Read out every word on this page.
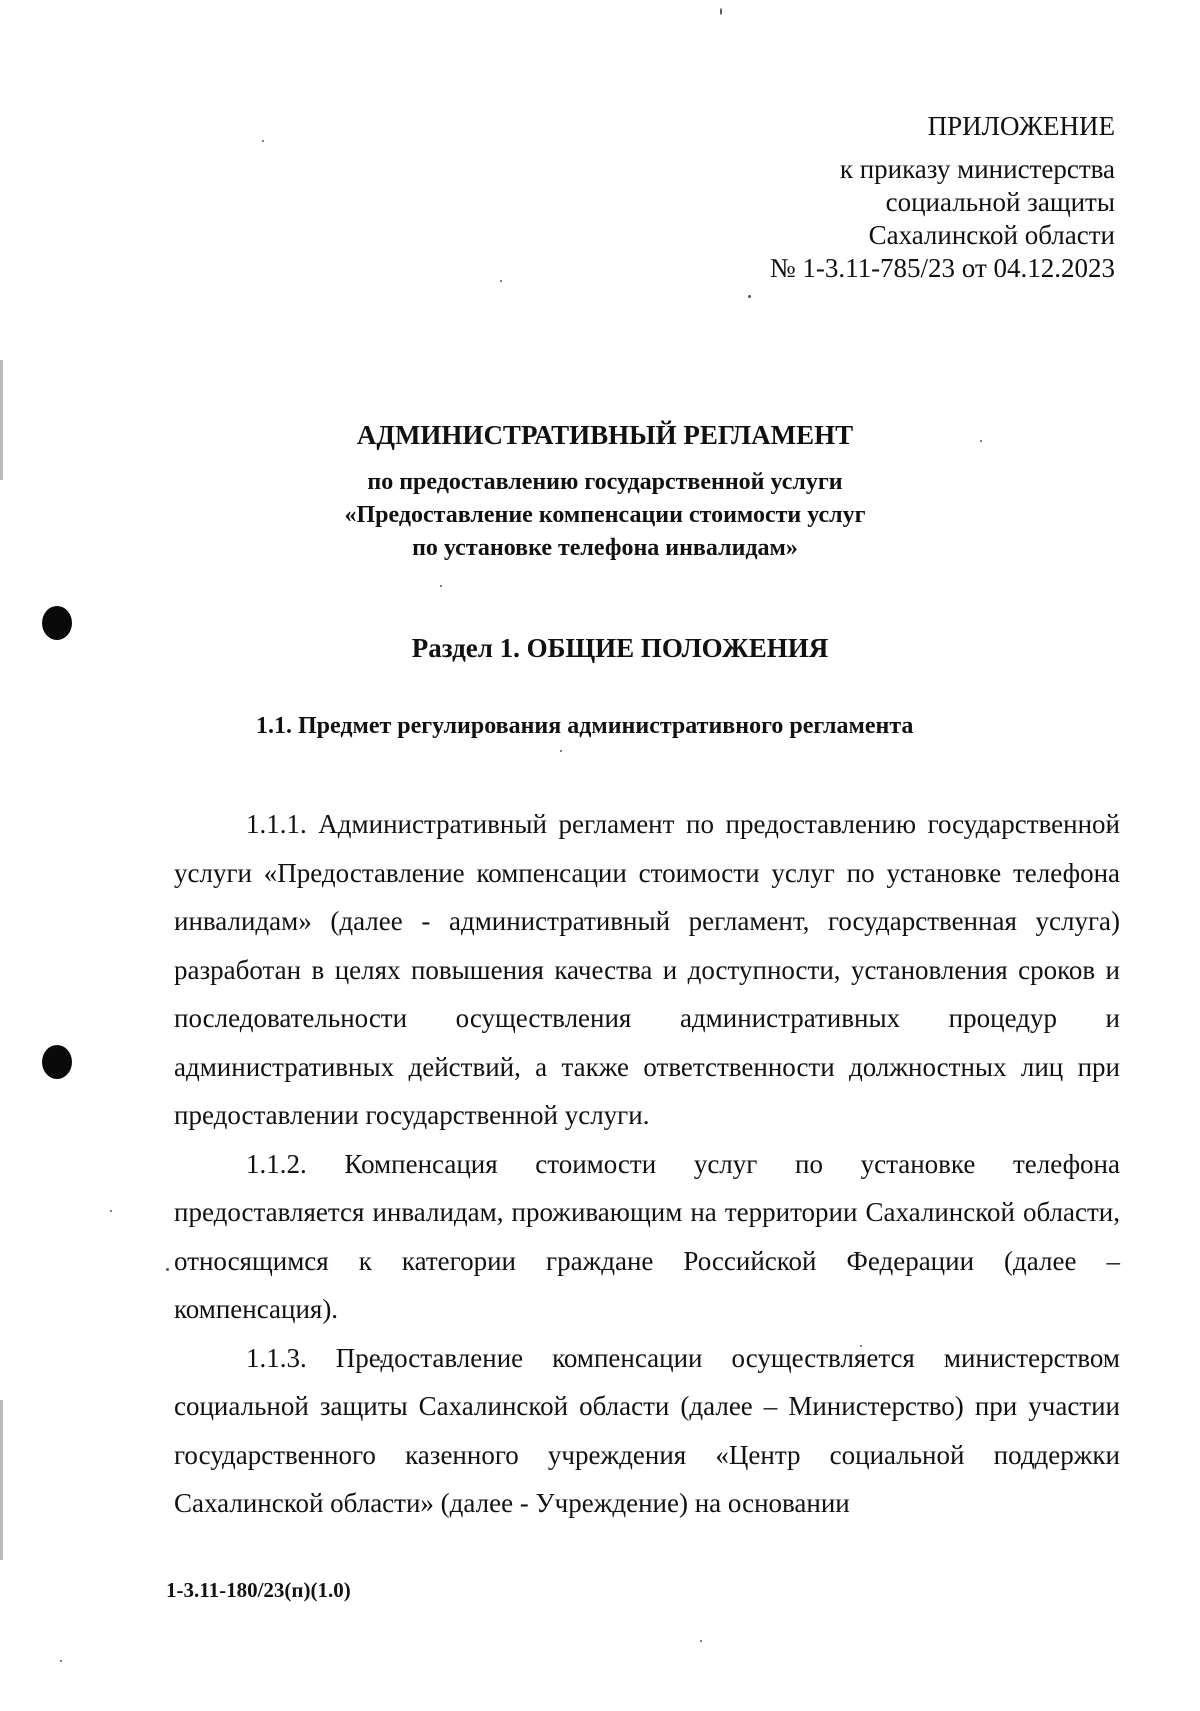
ПРИЛОЖЕНИЕ
к приказу министерства
социальной защиты
Сахалинской области
№ 1-3.11-785/23 от 04.12.2023
АДМИНИСТРАТИВНЫЙ РЕГЛАМЕНТ
по предоставлению государственной услуги
«Предоставление компенсации стоимости услуг
по установке телефона инвалидам»
Раздел 1. ОБЩИЕ ПОЛОЖЕНИЯ
1.1. Предмет регулирования административного регламента

1.1.1. Административный регламент по предоставлению государственной услуги «Предоставление компенсации стоимости услуг по установке телефона инвалидам» (далее - административный регламент, государственная услуга) разработан в целях повышения качества и доступности, установления сроков и последовательности осуществления административных процедур и административных действий, а также ответственности должностных лиц при предоставлении государственной услуги.

1.1.2. Компенсация стоимости услуг по установке телефона предоставляется инвалидам, проживающим на территории Сахалинской области, относящимся к категории граждане Российской Федерации (далее – компенсация).

1.1.3. Предоставление компенсации осуществляется министерством социальной защиты Сахалинской области (далее – Министерство) при участии государственного казенного учреждения «Центр социальной поддержки Сахалинской области» (далее - Учреждение) на основании

1-3.11-180/23(п)(1.0)
